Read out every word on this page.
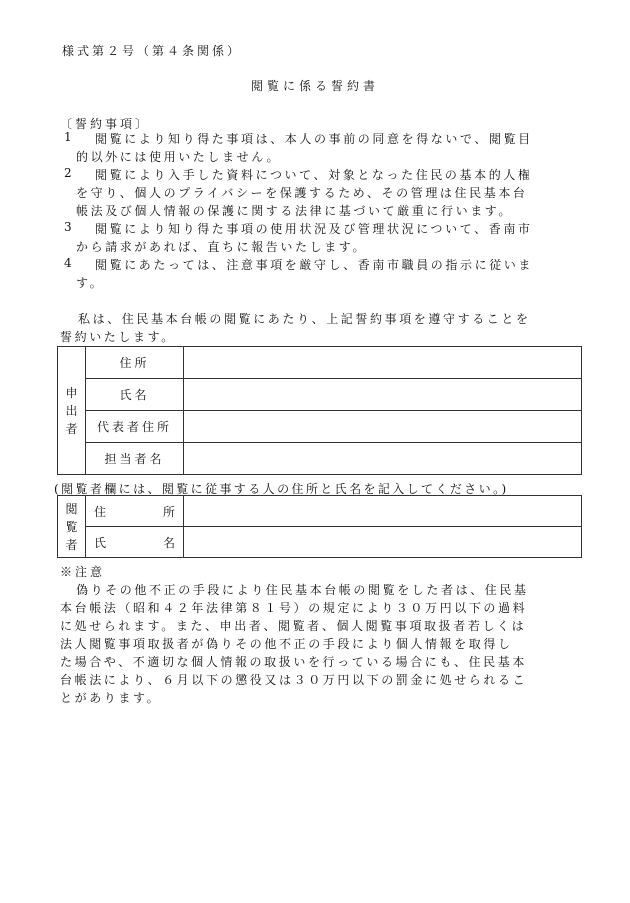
様式第２号（第４条関係）
閲覧に係る誓約書
〔誓約事項〕
1 閲覧により知り得た事項は、本人の事前の同意を得ないで、閲覧目
的以外には使用いたしません。
2 閲覧により入手した資料について、対象となった住民の基本的人権
を守り、個人のプライバシーを保護するため、その管理は住民基本台
帳法及び個人情報の保護に関する法律に基づいて厳重に行います。
3 閲覧により知り得た事項の使用状況及び管理状況について、香南市
から請求があれば、直ちに報告いたします。
4 閲覧にあたっては、注意事項を厳守し、香南市職員の指示に従いま
す。
私は、住民基本台帳の閲覧にあたり、上記誓約事項を遵守することを
誓約いたします。
申
出
者	住所	
	氏名	
	代表者住所	
	担当者名	
(閲覧者欄には、閲覧に従事する人の住所と氏名を記入してください。)
閲
覧
者	住 所	

	氏 名	

※注意
偽りその他不正の手段により住民基本台帳の閲覧をした者は、住民基
本台帳法（昭和４２年法律第８１号）の規定により３０万円以下の過料
に処せられます。また、申出者、閲覧者、個人閲覧事項取扱者若しくは
法人閲覧事項取扱者が偽りその他不正の手段により個人情報を取得し
た場合や、不適切な個人情報の取扱いを行っている場合にも、住民基本
台帳法により、６月以下の懲役又は３０万円以下の罰金に処せられるこ
とがあります。
